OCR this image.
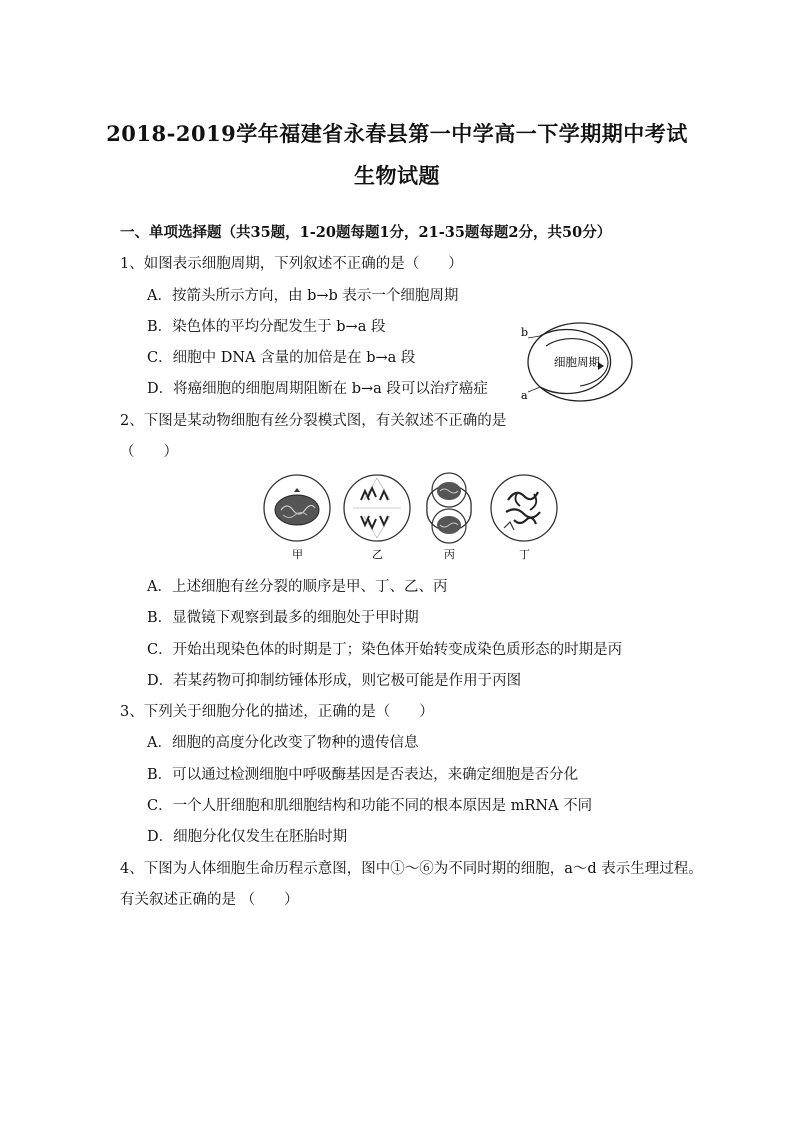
2018-2019学年福建省永春县第一中学高一下学期期中考试
生物试题
一、单项选择题（共35题，1-20题每题1分，21-35题每题2分，共50分）
1、如图表示细胞周期，下列叙述不正确的是（　　）
A．按箭头所示方向，由 b→b 表示一个细胞周期
B．染色体的平均分配发生于 b→a 段
C．细胞中 DNA 含量的加倍是在 b→a 段
D．将癌细胞的细胞周期阻断在 b→a 段可以治疗癌症
b
a
细胞周期
2、下图是某动物细胞有丝分裂模式图，有关叙述不正确的是
（　　）
甲	乙	丙	丁
A．上述细胞有丝分裂的顺序是甲、丁、乙、丙
B．显微镜下观察到最多的细胞处于甲时期
C．开始出现染色体的时期是丁；染色体开始转变成染色质形态的时期是丙
D．若某药物可抑制纺锤体形成，则它极可能是作用于丙图
3、下列关于细胞分化的描述，正确的是（　　）
A．细胞的高度分化改变了物种的遗传信息
B．可以通过检测细胞中呼吸酶基因是否表达，来确定细胞是否分化
C．一个人肝细胞和肌细胞结构和功能不同的根本原因是 mRNA 不同
D．细胞分化仅发生在胚胎时期
4、下图为人体细胞生命历程示意图，图中①～⑥为不同时期的细胞，a～d 表示生理过程。
有关叙述正确的是 （　　）
